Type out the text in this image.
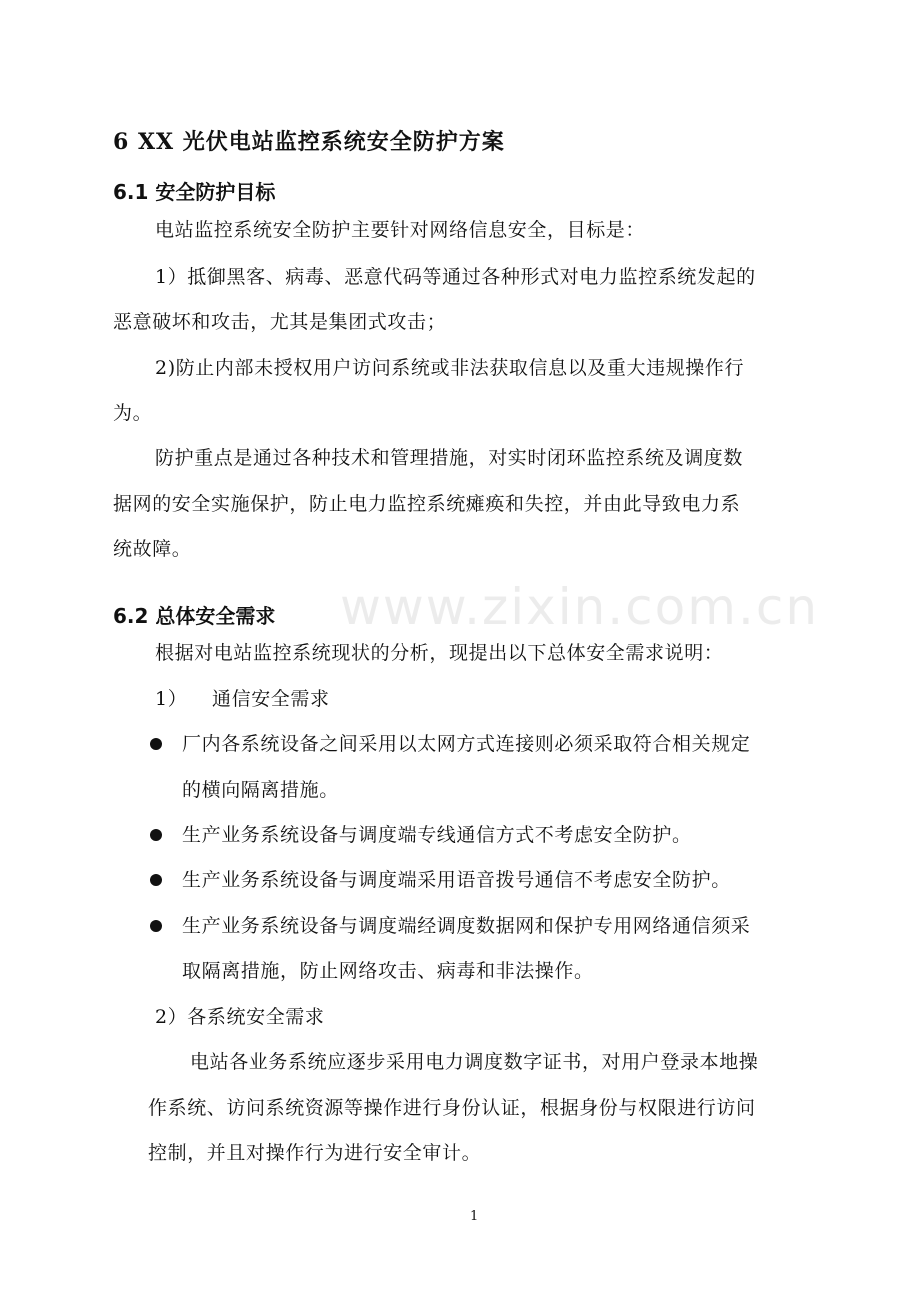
www.zixin.com.cn
6 XX 光伏电站监控系统安全防护方案
6.1 安全防护目标
电站监控系统安全防护主要针对网络信息安全，目标是：
1）抵御黑客、病毒、恶意代码等通过各种形式对电力监控系统发起的
恶意破坏和攻击，尤其是集团式攻击；
2)防止内部未授权用户访问系统或非法获取信息以及重大违规操作行
为。
防护重点是通过各种技术和管理措施，对实时闭环监控系统及调度数
据网的安全实施保护，防止电力监控系统瘫痪和失控，并由此导致电力系
统故障。
6.2 总体安全需求
根据对电站监控系统现状的分析，现提出以下总体安全需求说明：
1） 通信安全需求
厂内各系统设备之间采用以太网方式连接则必须采取符合相关规定
的横向隔离措施。
生产业务系统设备与调度端专线通信方式不考虑安全防护。
生产业务系统设备与调度端采用语音拨号通信不考虑安全防护。
生产业务系统设备与调度端经调度数据网和保护专用网络通信须采
取隔离措施，防止网络攻击、病毒和非法操作。
2）各系统安全需求
电站各业务系统应逐步采用电力调度数字证书，对用户登录本地操
作系统、访问系统资源等操作进行身份认证，根据身份与权限进行访问
控制，并且对操作行为进行安全审计。
1
